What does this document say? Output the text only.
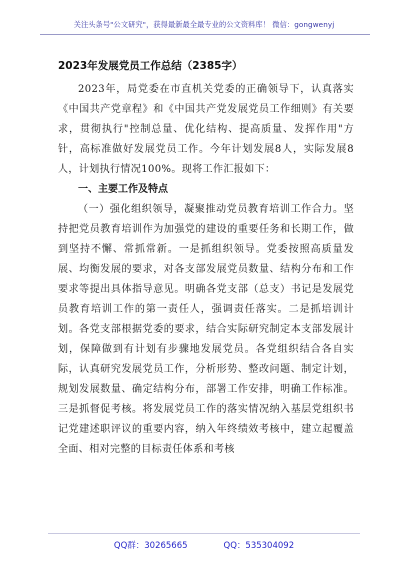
关注头条号"公文研究"，获得最新最全最专业的公文资料库！ 微信：gongwenyj
2023年发展党员工作总结（2385字）

2023年，局党委在市直机关党委的正确领导下，认真落实《中国共产党章程》和《中国共产党发展党员工作细则》有关要求，贯彻执行"控制总量、优化结构、提高质量、发挥作用"方针，高标准做好发展党员工作。今年计划发展8人，实际发展8人，计划执行情况100%。现将工作汇报如下：

一、主要工作及特点

（一）强化组织领导，凝聚推动党员教育培训工作合力。坚持把党员教育培训作为加强党的建设的重要任务和长期工作，做到坚持不懈、常抓常新。一是抓组织领导。党委按照高质量发展、均衡发展的要求，对各支部发展党员数量、结构分布和工作要求等提出具体指导意见。明确各党支部（总支）书记是发展党员教育培训工作的第一责任人，强调责任落实。二是抓培训计划。各党支部根据党委的要求，结合实际研究制定本支部发展计划，保障做到有计划有步骤地发展党员。各党组织结合各自实际，认真研究发展党员工作，分析形势、整改问题、制定计划，规划发展数量、确定结构分布，部署工作安排，明确工作标准。三是抓督促考核。将发展党员工作的落实情况纳入基层党组织书记党建述职评议的重要内容，纳入年终绩效考核中，建立起覆盖全面、相对完整的目标责任体系和考核

QQ群：30265665	QQ：535304092
